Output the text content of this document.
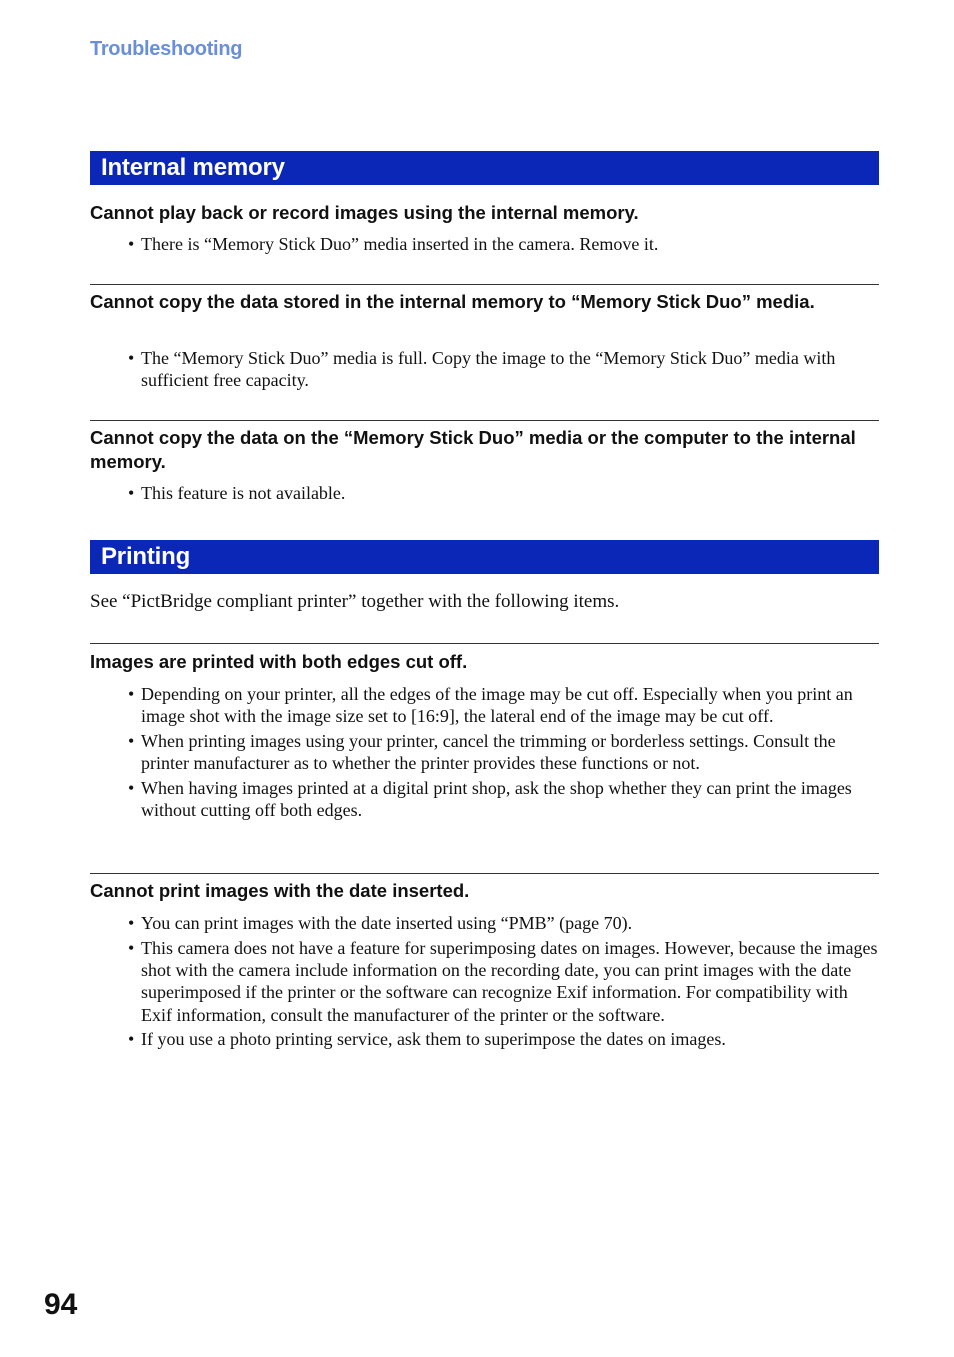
Troubleshooting
Internal memory
Cannot play back or record images using the internal memory.
• There is “Memory Stick Duo” media inserted in the camera. Remove it.
Cannot copy the data stored in the internal memory to “Memory Stick Duo” media.
• The “Memory Stick Duo” media is full. Copy the image to the “Memory Stick Duo” media with sufficient free capacity.
Cannot copy the data on the “Memory Stick Duo” media or the computer to the internal memory.
• This feature is not available.
Printing
See “PictBridge compliant printer” together with the following items.
Images are printed with both edges cut off.
• Depending on your printer, all the edges of the image may be cut off. Especially when you print an image shot with the image size set to [16:9], the lateral end of the image may be cut off.
• When printing images using your printer, cancel the trimming or borderless settings. Consult the printer manufacturer as to whether the printer provides these functions or not.
• When having images printed at a digital print shop, ask the shop whether they can print the images without cutting off both edges.
Cannot print images with the date inserted.
• You can print images with the date inserted using “PMB” (page 70).
• This camera does not have a feature for superimposing dates on images. However, because the images shot with the camera include information on the recording date, you can print images with the date superimposed if the printer or the software can recognize Exif information. For compatibility with Exif information, consult the manufacturer of the printer or the software.
• If you use a photo printing service, ask them to superimpose the dates on images.
94
